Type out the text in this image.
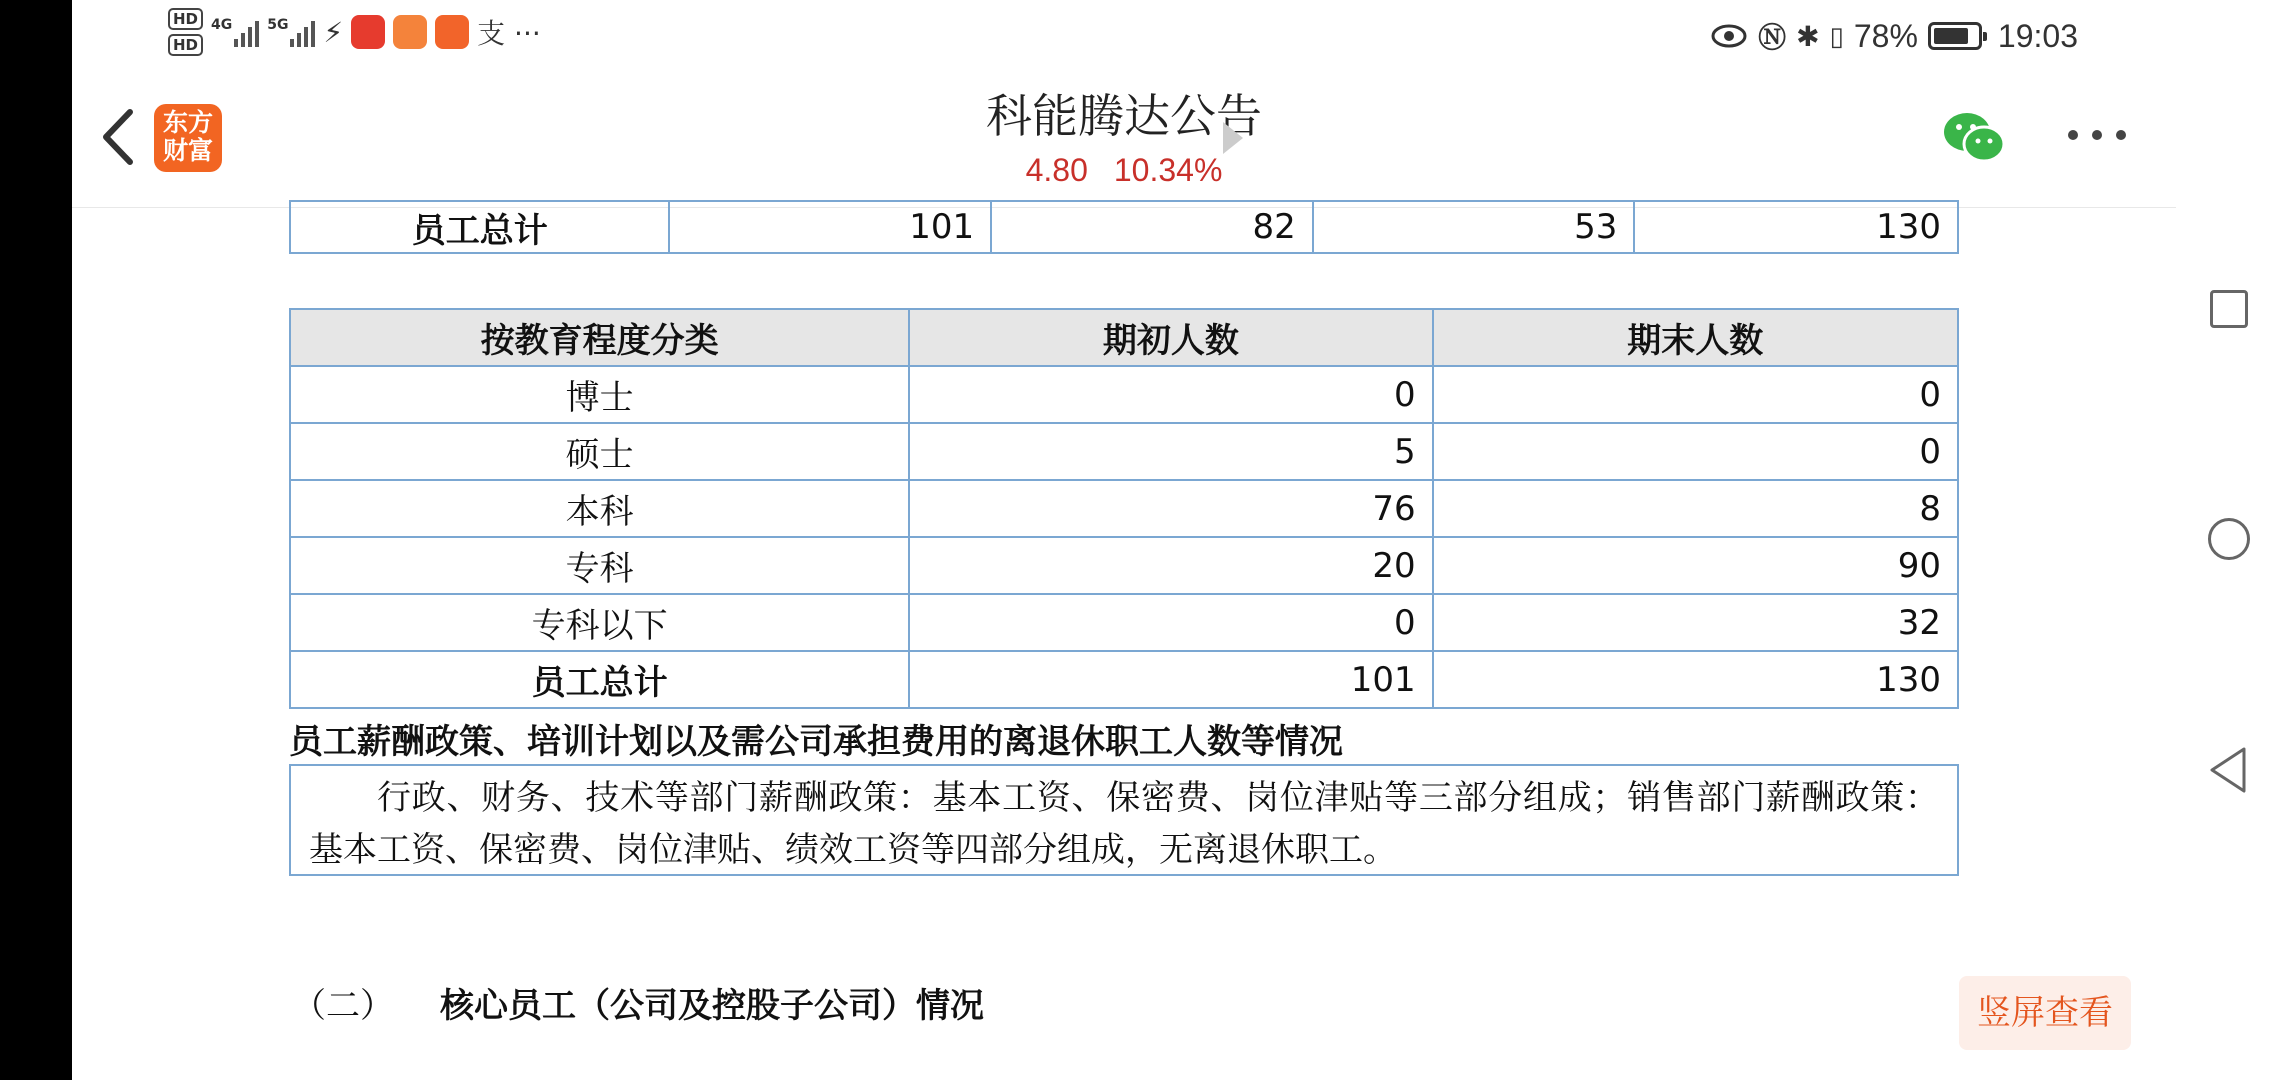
HD
HD
4G	5G ⚡	支 ···	Ⓝ ✱ ▯ 78%	19:03
东方
财富
科能腾达公告
4.80 10.34%
员工总计	101	82	53	130
按教育程度分类	期初人数	期末人数
博士	0	0
硕士	5	0
本科	76	8
专科	20	90
专科以下	0	32
员工总计	101	130
员工薪酬政策、培训计划以及需公司承担费用的离退休职工人数等情况
行政、财务、技术等部门薪酬政策：基本工资、保密费、岗位津贴等三部分组成；销售部门薪酬政策：基本工资、保密费、岗位津贴、绩效工资等四部分组成，无离退休职工。
（二） 核心员工（公司及控股子公司）情况	竖屏查看
